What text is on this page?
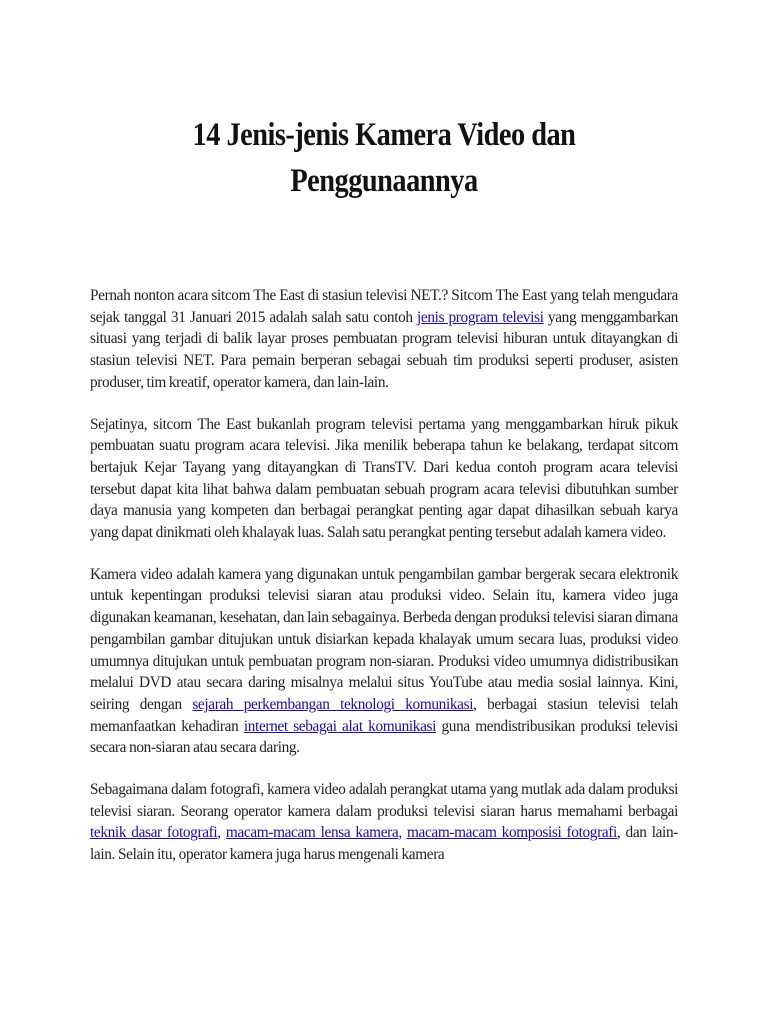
14 Jenis-jenis Kamera Video dan Penggunaannya

Pernah nonton acara sitcom The East di stasiun televisi NET.? Sitcom The East yang telah mengudara sejak tanggal 31 Januari 2015 adalah salah satu contoh jenis program televisi yang menggambarkan situasi yang terjadi di balik layar proses pembuatan program televisi hiburan untuk ditayangkan di stasiun televisi NET. Para pemain berperan sebagai sebuah tim produksi seperti produser, asisten produser, tim kreatif, operator kamera, dan lain-lain.

Sejatinya, sitcom The East bukanlah program televisi pertama yang menggambarkan hiruk pikuk pembuatan suatu program acara televisi. Jika menilik beberapa tahun ke belakang, terdapat sitcom bertajuk Kejar Tayang yang ditayangkan di TransTV. Dari kedua contoh program acara televisi tersebut dapat kita lihat bahwa dalam pembuatan sebuah program acara televisi dibutuhkan sumber daya manusia yang kompeten dan berbagai perangkat penting agar dapat dihasilkan sebuah karya yang dapat dinikmati oleh khalayak luas. Salah satu perangkat penting tersebut adalah kamera video.

Kamera video adalah kamera yang digunakan untuk pengambilan gambar bergerak secara elektronik untuk kepentingan produksi televisi siaran atau produksi video. Selain itu, kamera video juga digunakan keamanan, kesehatan, dan lain sebagainya. Berbeda dengan produksi televisi siaran dimana pengambilan gambar ditujukan untuk disiarkan kepada khalayak umum secara luas, produksi video umumnya ditujukan untuk pembuatan program non-siaran. Produksi video umumnya didistribusikan melalui DVD atau secara daring misalnya melalui situs YouTube atau media sosial lainnya. Kini, seiring dengan sejarah perkembangan teknologi komunikasi, berbagai stasiun televisi telah memanfaatkan kehadiran internet sebagai alat komunikasi guna mendistribusikan produksi televisi secara non-siaran atau secara daring.

Sebagaimana dalam fotografi, kamera video adalah perangkat utama yang mutlak ada dalam produksi televisi siaran. Seorang operator kamera dalam produksi televisi siaran harus memahami berbagai teknik dasar fotografi, macam-macam lensa kamera, macam-macam komposisi fotografi, dan lain-lain. Selain itu, operator kamera juga harus mengenali kamera
